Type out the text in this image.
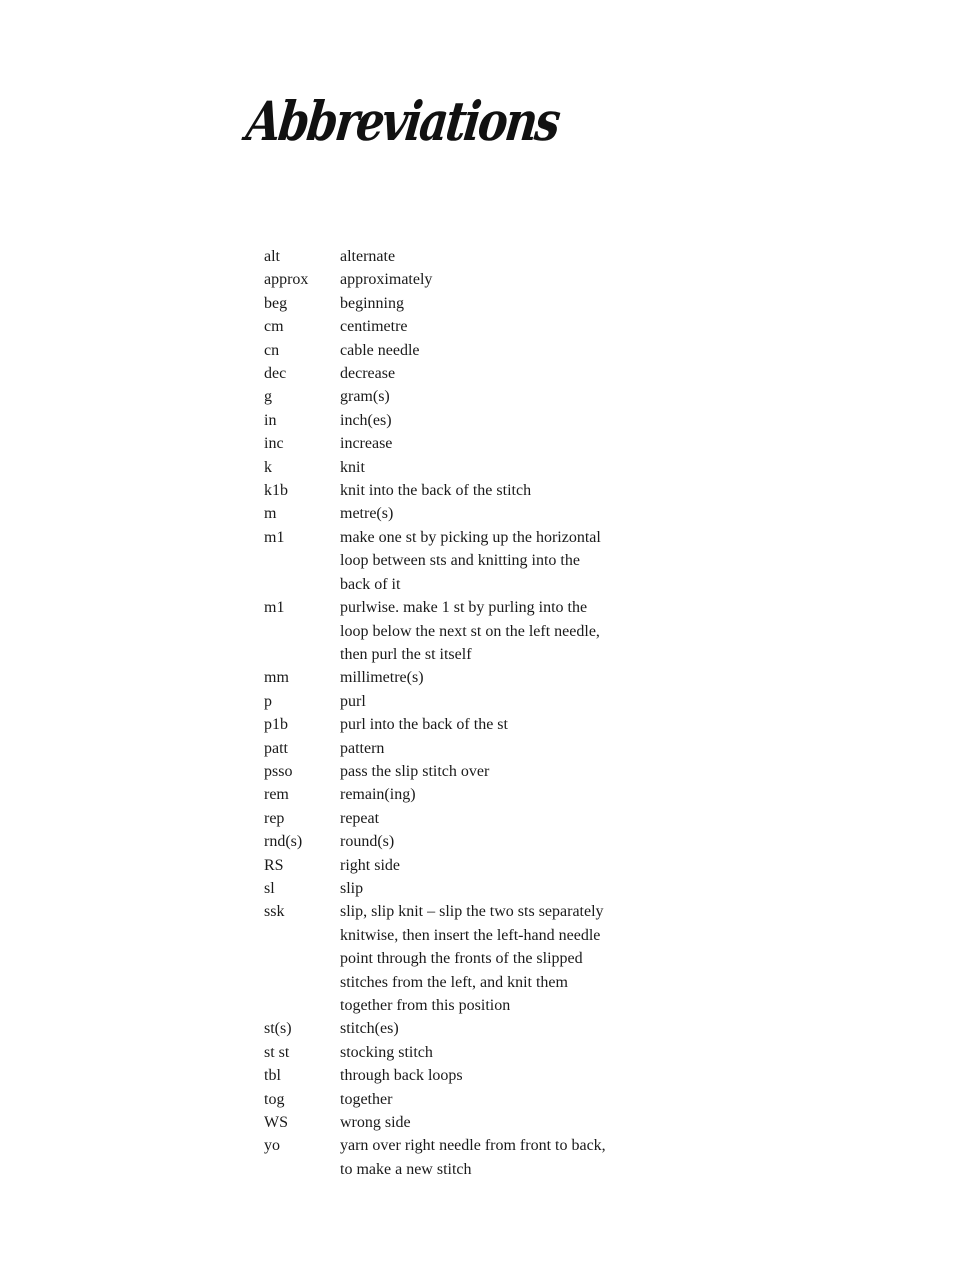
Abbreviations
alt	alternate
approx	approximately
beg	beginning
cm	centimetre
cn	cable needle
dec	decrease
g	gram(s)
in	inch(es)
inc	increase
k	knit
k1b	knit into the back of the stitch
m	metre(s)
m1	make one st by picking up the horizontal
loop between sts and knitting into the
back of it
m1	purlwise. make 1 st by purling into the
loop below the next st on the left needle,
then purl the st itself
mm	millimetre(s)
p	purl
p1b	purl into the back of the st
patt	pattern
psso	pass the slip stitch over
rem	remain(ing)
rep	repeat
rnd(s)	round(s)
RS	right side
sl	slip
ssk	slip, slip knit – slip the two sts separately
knitwise, then insert the left-hand needle
point through the fronts of the slipped
stitches from the left, and knit them
together from this position
st(s)	stitch(es)
st st	stocking stitch
tbl	through back loops
tog	together
WS	wrong side
yo	yarn over right needle from front to back,
to make a new stitch
